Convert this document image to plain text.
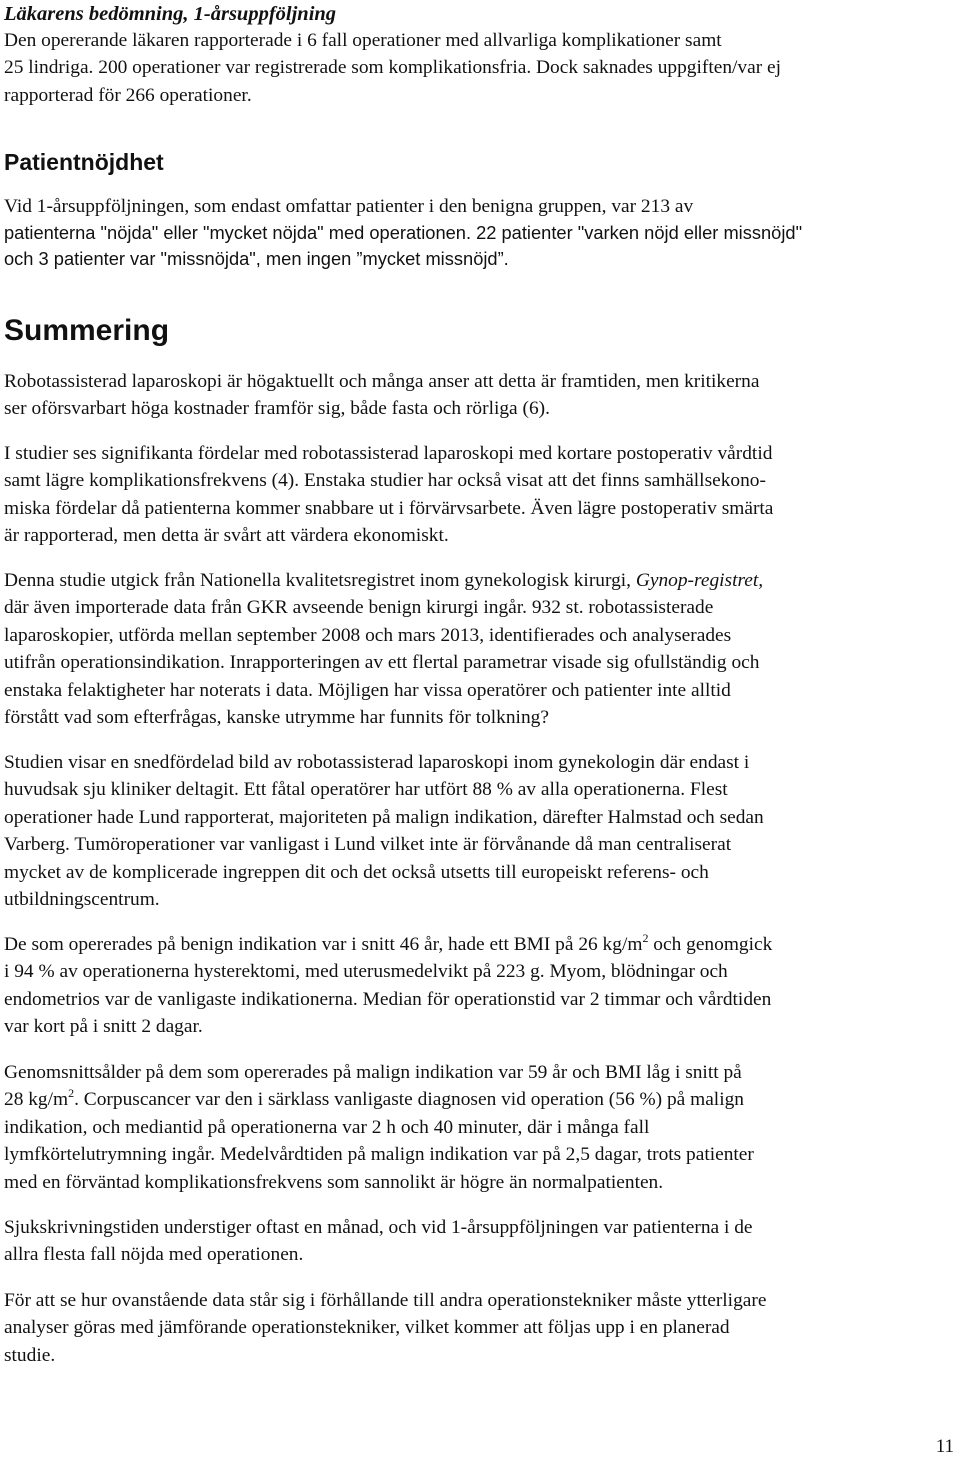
Läkarens bedömning, 1-årsuppföljning
Den opererande läkaren rapporterade i 6 fall operationer med allvarliga komplikationer samt
25 lindriga. 200 operationer var registrerade som komplikationsfria. Dock saknades uppgiften/var ej
rapporterad för 266 operationer.
Patientnöjdhet
Vid 1-årsuppföljningen, som endast omfattar patienter i den benigna gruppen, var 213 av
patienterna "nöjda" eller "mycket nöjda" med operationen. 22 patienter "varken nöjd eller missnöjd"
och 3 patienter var "missnöjda", men ingen ”mycket missnöjd”.
Summering
Robotassisterad laparoskopi är högaktuellt och många anser att detta är framtiden, men kritikerna
ser oförsvarbart höga kostnader framför sig, både fasta och rörliga (6).
I studier ses signifikanta fördelar med robotassisterad laparoskopi med kortare postoperativ vårdtid
samt lägre komplikationsfrekvens (4). Enstaka studier har också visat att det finns samhällsekono-
miska fördelar då patienterna kommer snabbare ut i förvärvsarbete. Även lägre postoperativ smärta
är rapporterad, men detta är svårt att värdera ekonomiskt.
Denna studie utgick från Nationella kvalitetsregistret inom gynekologisk kirurgi, Gynop-registret,
där även importerade data från GKR avseende benign kirurgi ingår. 932 st. robotassisterade
laparoskopier, utförda mellan september 2008 och mars 2013, identifierades och analyserades
utifrån operationsindikation. Inrapporteringen av ett flertal parametrar visade sig ofullständig och
enstaka felaktigheter har noterats i data. Möjligen har vissa operatörer och patienter inte alltid
förstått vad som efterfrågas, kanske utrymme har funnits för tolkning?
Studien visar en snedfördelad bild av robotassisterad laparoskopi inom gynekologin där endast i
huvudsak sju kliniker deltagit. Ett fåtal operatörer har utfört 88 % av alla operationerna. Flest
operationer hade Lund rapporterat, majoriteten på malign indikation, därefter Halmstad och sedan
Varberg. Tumöroperationer var vanligast i Lund vilket inte är förvånande då man centraliserat
mycket av de komplicerade ingreppen dit och det också utsetts till europeiskt referens- och
utbildningscentrum.
De som opererades på benign indikation var i snitt 46 år, hade ett BMI på 26 $kg/m^2$ och genomgick
i 94 % av operationerna hysterektomi, med uterusmedelvikt på 223 g. Myom, blödningar och
endometrios var de vanligaste indikationerna. Median för operationstid var 2 timmar och vårdtiden
var kort på i snitt 2 dagar.
Genomsnittsålder på dem som opererades på malign indikation var 59 år och BMI låg i snitt på
28 $kg/m^2$. Corpuscancer var den i särklass vanligaste diagnosen vid operation (56 %) på malign
indikation, och mediantid på operationerna var 2 h och 40 minuter, där i många fall
lymfkörtelutrymning ingår. Medelvårdtiden på malign indikation var på 2,5 dagar, trots patienter
med en förväntad komplikationsfrekvens som sannolikt är högre än normalpatienten.
Sjukskrivningstiden understiger oftast en månad, och vid 1-årsuppföljningen var patienterna i de
allra flesta fall nöjda med operationen.
För att se hur ovanstående data står sig i förhållande till andra operationstekniker måste ytterligare
analyser göras med jämförande operationstekniker, vilket kommer att följas upp i en planerad
studie.
11
